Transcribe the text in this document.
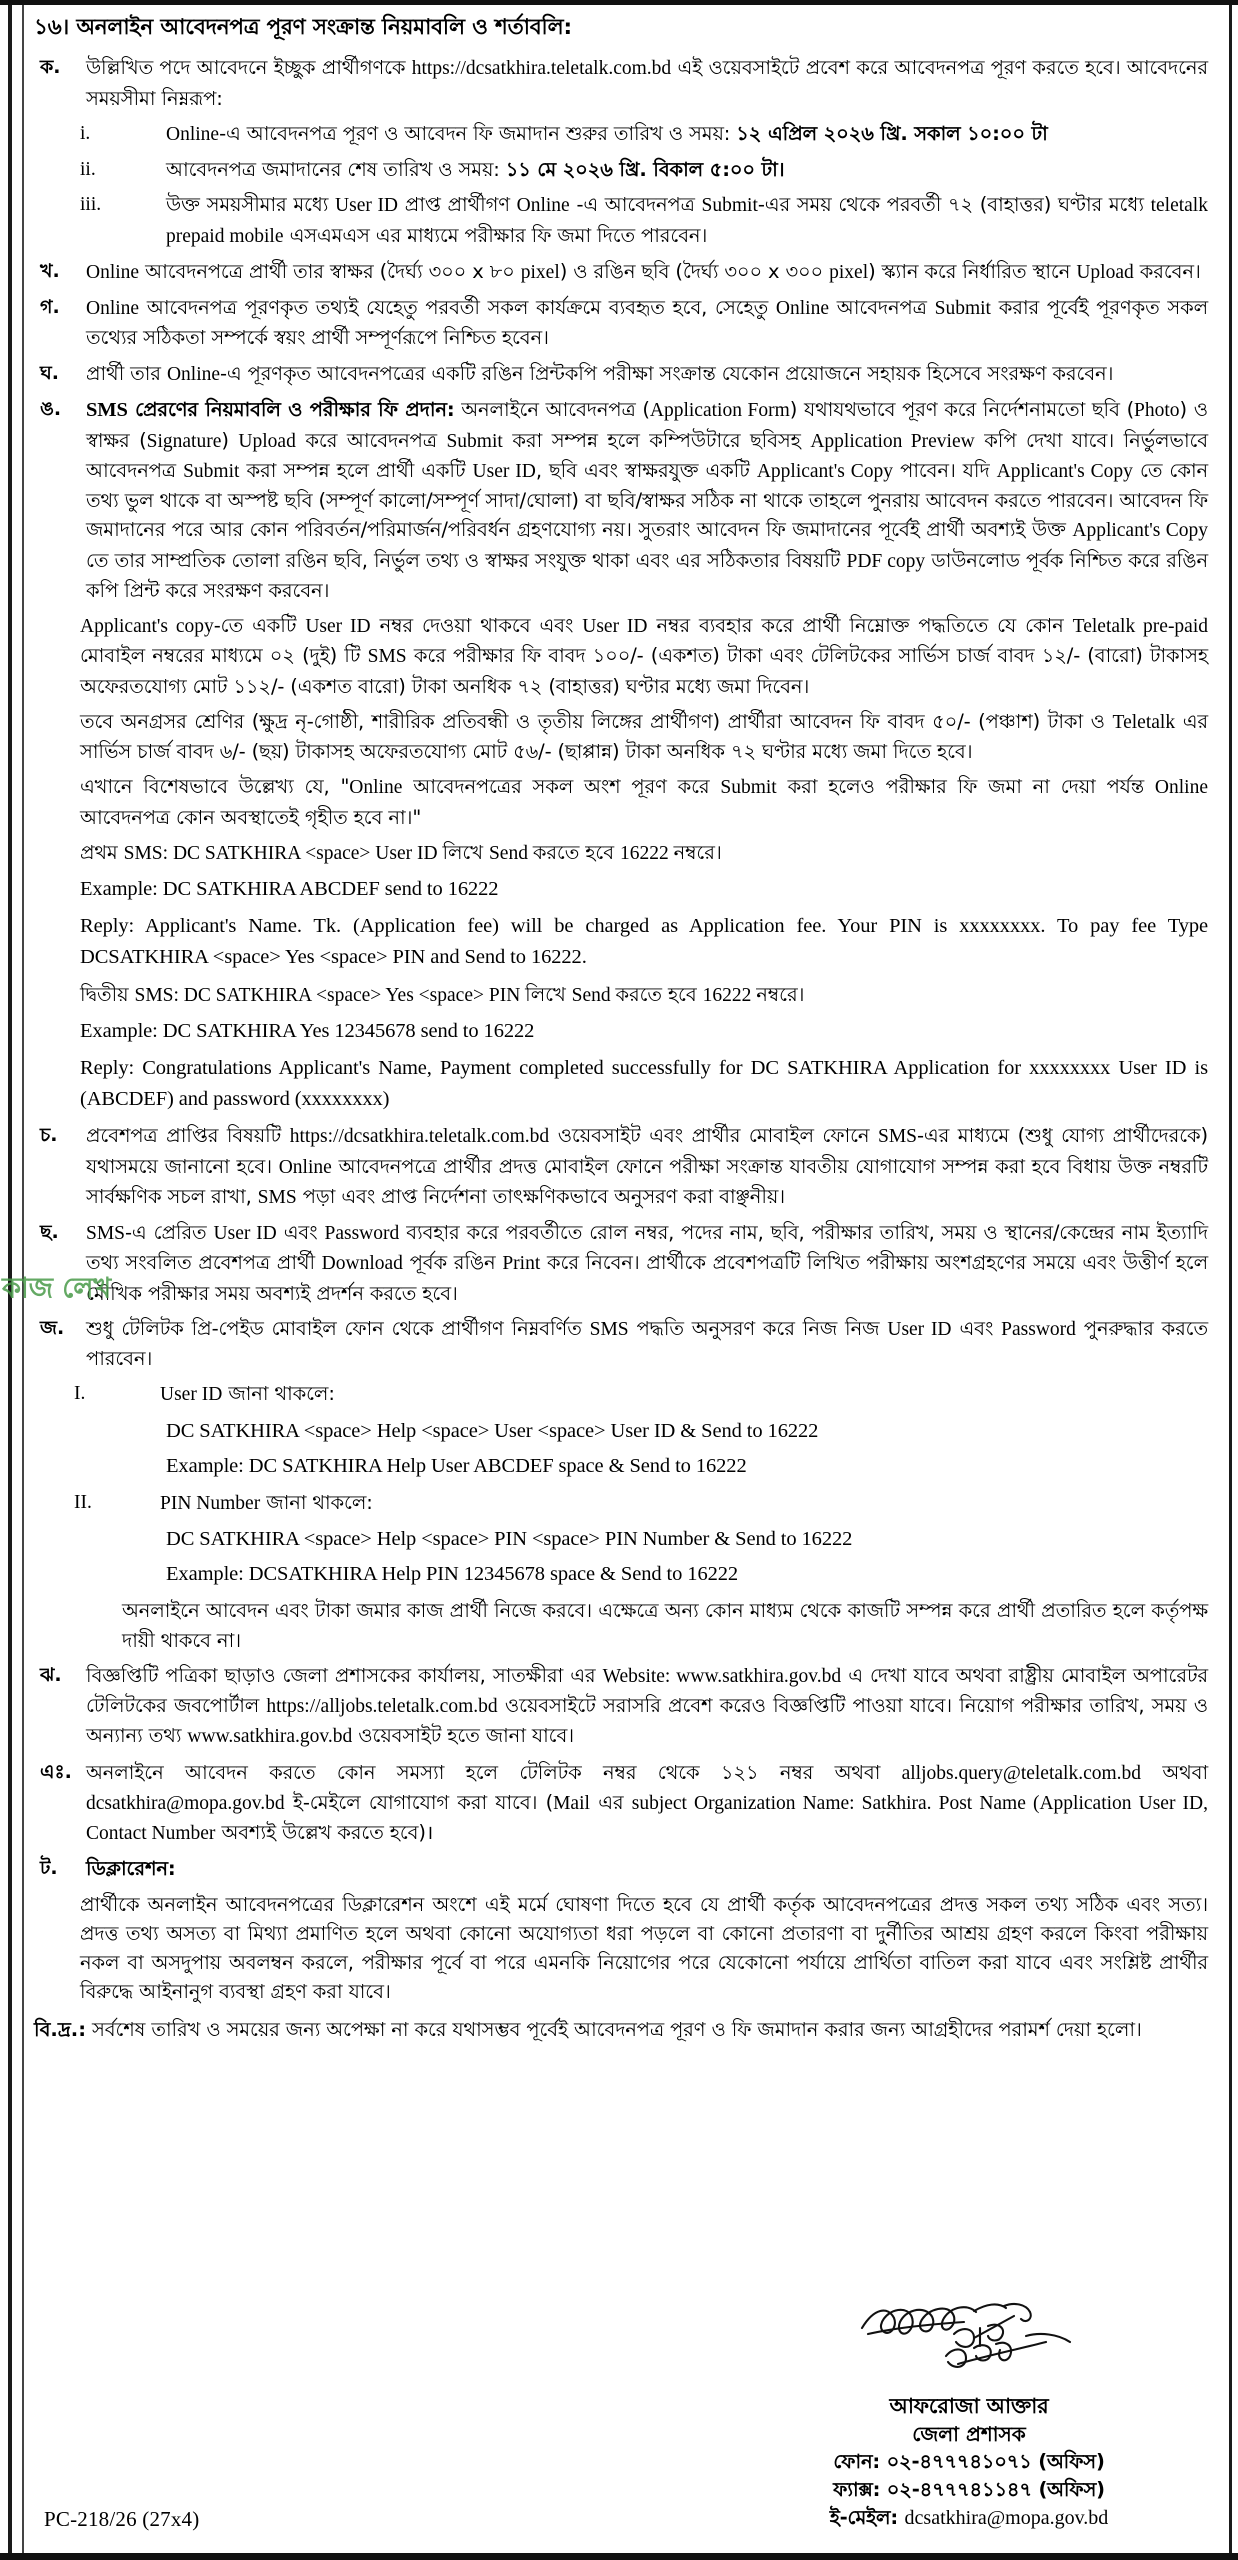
১৬। অনলাইন আবেদনপত্র পূরণ সংক্রান্ত নিয়মাবলি ও শর্তাবলি:
ক.	উল্লিখিত পদে আবেদনে ইচ্ছুক প্রার্থীগণকে https://dcsatkhira.teletalk.com.bd এই ওয়েবসাইটে প্রবেশ করে আবেদনপত্র পূরণ করতে হবে। আবেদনের সময়সীমা নিম্নরূপ:
i.	Online-এ আবেদনপত্র পূরণ ও আবেদন ফি জমাদান শুরুর তারিখ ও সময়: ১২ এপ্রিল ২০২৬ খ্রি. সকাল ১০:০০ টা
ii.	আবেদনপত্র জমাদানের শেষ তারিখ ও সময়: ১১ মে ২০২৬ খ্রি. বিকাল ৫:০০ টা।
iii.	উক্ত সময়সীমার মধ্যে User ID প্রাপ্ত প্রার্থীগণ Online -এ আবেদনপত্র Submit-এর সময় থেকে পরবর্তী ৭২ (বাহাত্তর) ঘণ্টার মধ্যে teletalk prepaid mobile এসএমএস এর মাধ্যমে পরীক্ষার ফি জমা দিতে পারবেন।
খ.	Online আবেদনপত্রে প্রার্থী তার স্বাক্ষর (দৈর্ঘ্য ৩০০ x ৮০ pixel) ও রঙিন ছবি (দৈর্ঘ্য ৩০০ x ৩০০ pixel) স্ক্যান করে নির্ধারিত স্থানে Upload করবেন।
গ.	Online আবেদনপত্র পূরণকৃত তথ্যই যেহেতু পরবর্তী সকল কার্যক্রমে ব্যবহৃত হবে, সেহেতু Online আবেদনপত্র Submit করার পূর্বেই পূরণকৃত সকল তথ্যের সঠিকতা সম্পর্কে স্বয়ং প্রার্থী সম্পূর্ণরূপে নিশ্চিত হবেন।
ঘ.	প্রার্থী তার Online-এ পূরণকৃত আবেদনপত্রের একটি রঙিন প্রিন্টকপি পরীক্ষা সংক্রান্ত যেকোন প্রয়োজনে সহায়ক হিসেবে সংরক্ষণ করবেন।
ঙ.	SMS প্রেরণের নিয়মাবলি ও পরীক্ষার ফি প্রদান: অনলাইনে আবেদনপত্র (Application Form) যথাযথভাবে পূরণ করে নির্দেশনামতো ছবি (Photo) ও স্বাক্ষর (Signature) Upload করে আবেদনপত্র Submit করা সম্পন্ন হলে কম্পিউটারে ছবিসহ Application Preview কপি দেখা যাবে। নির্ভুলভাবে আবেদনপত্র Submit করা সম্পন্ন হলে প্রার্থী একটি User ID, ছবি এবং স্বাক্ষরযুক্ত একটি Applicant's Copy পাবেন। যদি Applicant's Copy তে কোন তথ্য ভুল থাকে বা অস্পষ্ট ছবি (সম্পূর্ণ কালো/সম্পূর্ণ সাদা/ঘোলা) বা ছবি/স্বাক্ষর সঠিক না থাকে তাহলে পুনরায় আবেদন করতে পারবেন। আবেদন ফি জমাদানের পরে আর কোন পরিবর্তন/পরিমার্জন/পরিবর্ধন গ্রহণযোগ্য নয়। সুতরাং আবেদন ফি জমাদানের পূর্বেই প্রার্থী অবশ্যই উক্ত Applicant's Copy তে তার সাম্প্রতিক তোলা রঙিন ছবি, নির্ভুল তথ্য ও স্বাক্ষর সংযুক্ত থাকা এবং এর সঠিকতার বিষয়টি PDF copy ডাউনলোড পূর্বক নিশ্চিত করে রঙিন কপি প্রিন্ট করে সংরক্ষণ করবেন।
Applicant's copy-তে একটি User ID নম্বর দেওয়া থাকবে এবং User ID নম্বর ব্যবহার করে প্রার্থী নিম্নোক্ত পদ্ধতিতে যে কোন Teletalk pre-paid মোবাইল নম্বরের মাধ্যমে ০২ (দুই) টি SMS করে পরীক্ষার ফি বাবদ ১০০/- (একশত) টাকা এবং টেলিটকের সার্ভিস চার্জ বাবদ ১২/- (বারো) টাকাসহ অফেরতযোগ্য মোট ১১২/- (একশত বারো) টাকা অনধিক ৭২ (বাহাত্তর) ঘণ্টার মধ্যে জমা দিবেন।
তবে অনগ্রসর শ্রেণির (ক্ষুদ্র নৃ-গোষ্ঠী, শারীরিক প্রতিবন্ধী ও তৃতীয় লিঙ্গের প্রার্থীগণ) প্রার্থীরা আবেদন ফি বাবদ ৫০/- (পঞ্চাশ) টাকা ও Teletalk এর সার্ভিস চার্জ বাবদ ৬/- (ছয়) টাকাসহ অফেরতযোগ্য মোট ৫৬/- (ছাপ্পান্ন) টাকা অনধিক ৭২ ঘণ্টার মধ্যে জমা দিতে হবে।
এখানে বিশেষভাবে উল্লেখ্য যে, "Online আবেদনপত্রের সকল অংশ পূরণ করে Submit করা হলেও পরীক্ষার ফি জমা না দেয়া পর্যন্ত Online আবেদনপত্র কোন অবস্থাতেই গৃহীত হবে না।"
প্রথম SMS: DC SATKHIRA <space> User ID লিখে Send করতে হবে 16222 নম্বরে।
Example: DC SATKHIRA ABCDEF send to 16222
Reply: Applicant's Name. Tk. (Application fee) will be charged as Application fee. Your PIN is xxxxxxxx. To pay fee Type DCSATKHIRA <space> Yes <space> PIN and Send to 16222.
দ্বিতীয় SMS: DC SATKHIRA <space> Yes <space> PIN লিখে Send করতে হবে 16222 নম্বরে।
Example: DC SATKHIRA Yes 12345678 send to 16222
Reply: Congratulations Applicant's Name, Payment completed successfully for DC SATKHIRA Application for xxxxxxxx User ID is (ABCDEF) and password (xxxxxxxx)
চ.	প্রবেশপত্র প্রাপ্তির বিষয়টি https://dcsatkhira.teletalk.com.bd ওয়েবসাইট এবং প্রার্থীর মোবাইল ফোনে SMS-এর মাধ্যমে (শুধু যোগ্য প্রার্থীদেরকে) যথাসময়ে জানানো হবে। Online আবেদনপত্রে প্রার্থীর প্রদত্ত মোবাইল ফোনে পরীক্ষা সংক্রান্ত যাবতীয় যোগাযোগ সম্পন্ন করা হবে বিধায় উক্ত নম্বরটি সার্বক্ষণিক সচল রাখা, SMS পড়া এবং প্রাপ্ত নির্দেশনা তাৎক্ষণিকভাবে অনুসরণ করা বাঞ্ছনীয়।
ছ.	SMS-এ প্রেরিত User ID এবং Password ব্যবহার করে পরবর্তীতে রোল নম্বর, পদের নাম, ছবি, পরীক্ষার তারিখ, সময় ও স্থানের/কেন্দ্রের নাম ইত্যাদি তথ্য সংবলিত প্রবেশপত্র প্রার্থী Download পূর্বক রঙিন Print করে নিবেন। প্রার্থীকে প্রবেশপত্রটি লিখিত পরীক্ষায় অংশগ্রহণের সময়ে এবং উত্তীর্ণ হলে মৌখিক পরীক্ষার সময় অবশ্যই প্রদর্শন করতে হবে।
জ.	শুধু টেলিটক প্রি-পেইড মোবাইল ফোন থেকে প্রার্থীগণ নিম্নবর্ণিত SMS পদ্ধতি অনুসরণ করে নিজ নিজ User ID এবং Password পুনরুদ্ধার করতে পারবেন।
I.	User ID জানা থাকলে:
DC SATKHIRA <space> Help <space> User <space> User ID & Send to 16222
Example: DC SATKHIRA Help User ABCDEF space & Send to 16222
II.	PIN Number জানা থাকলে:
DC SATKHIRA <space> Help <space> PIN <space> PIN Number & Send to 16222
Example: DCSATKHIRA Help PIN 12345678 space & Send to 16222
অনলাইনে আবেদন এবং টাকা জমার কাজ প্রার্থী নিজে করবে। এক্ষেত্রে অন্য কোন মাধ্যম থেকে কাজটি সম্পন্ন করে প্রার্থী প্রতারিত হলে কর্তৃপক্ষ দায়ী থাকবে না।
ঝ.	বিজ্ঞপ্তিটি পত্রিকা ছাড়াও জেলা প্রশাসকের কার্যালয়, সাতক্ষীরা এর Website: www.satkhira.gov.bd এ দেখা যাবে অথবা রাষ্ট্রীয় মোবাইল অপারেটর টেলিটকের জবপোর্টাল https://alljobs.teletalk.com.bd ওয়েবসাইটে সরাসরি প্রবেশ করেও বিজ্ঞপ্তিটি পাওয়া যাবে। নিয়োগ পরীক্ষার তারিখ, সময় ও অন্যান্য তথ্য www.satkhira.gov.bd ওয়েবসাইট হতে জানা যাবে।
এঃ. অনলাইনে আবেদন করতে কোন সমস্যা হলে টেলিটক নম্বর থেকে ১২১ নম্বর অথবা alljobs.query@teletalk.com.bd অথবা dcsatkhira@mopa.gov.bd ই-মেইলে যোগাযোগ করা যাবে। (Mail এর subject Organization Name: Satkhira. Post Name (Application User ID, Contact Number অবশ্যই উল্লেখ করতে হবে)।
ট.	ডিক্লারেশন:
প্রার্থীকে অনলাইন আবেদনপত্রের ডিক্লারেশন অংশে এই মর্মে ঘোষণা দিতে হবে যে প্রার্থী কর্তৃক আবেদনপত্রের প্রদত্ত সকল তথ্য সঠিক এবং সত্য। প্রদত্ত তথ্য অসত্য বা মিথ্যা প্রমাণিত হলে অথবা কোনো অযোগ্যতা ধরা পড়লে বা কোনো প্রতারণা বা দুর্নীতির আশ্রয় গ্রহণ করলে কিংবা পরীক্ষায় নকল বা অসদুপায় অবলম্বন করলে, পরীক্ষার পূর্বে বা পরে এমনকি নিয়োগের পরে যেকোনো পর্যায়ে প্রার্থিতা বাতিল করা যাবে এবং সংশ্লিষ্ট প্রার্থীর বিরুদ্ধে আইনানুগ ব্যবস্থা গ্রহণ করা যাবে।
বি.দ্র.: সর্বশেষ তারিখ ও সময়ের জন্য অপেক্ষা না করে যথাসম্ভব পূর্বেই আবেদনপত্র পূরণ ও ফি জমাদান করার জন্য আগ্রহীদের পরামর্শ দেয়া হলো।
আফরোজা আক্তার
জেলা প্রশাসক
ফোন: ০২-৪৭৭৭৪১০৭১ (অফিস)
ফ্যাক্স: ০২-৪৭৭৭৪১১৪৭ (অফিস)
ই-মেইল: dcsatkhira@mopa.gov.bd
PC-218/26 (27x4)
কাজ লেখ
